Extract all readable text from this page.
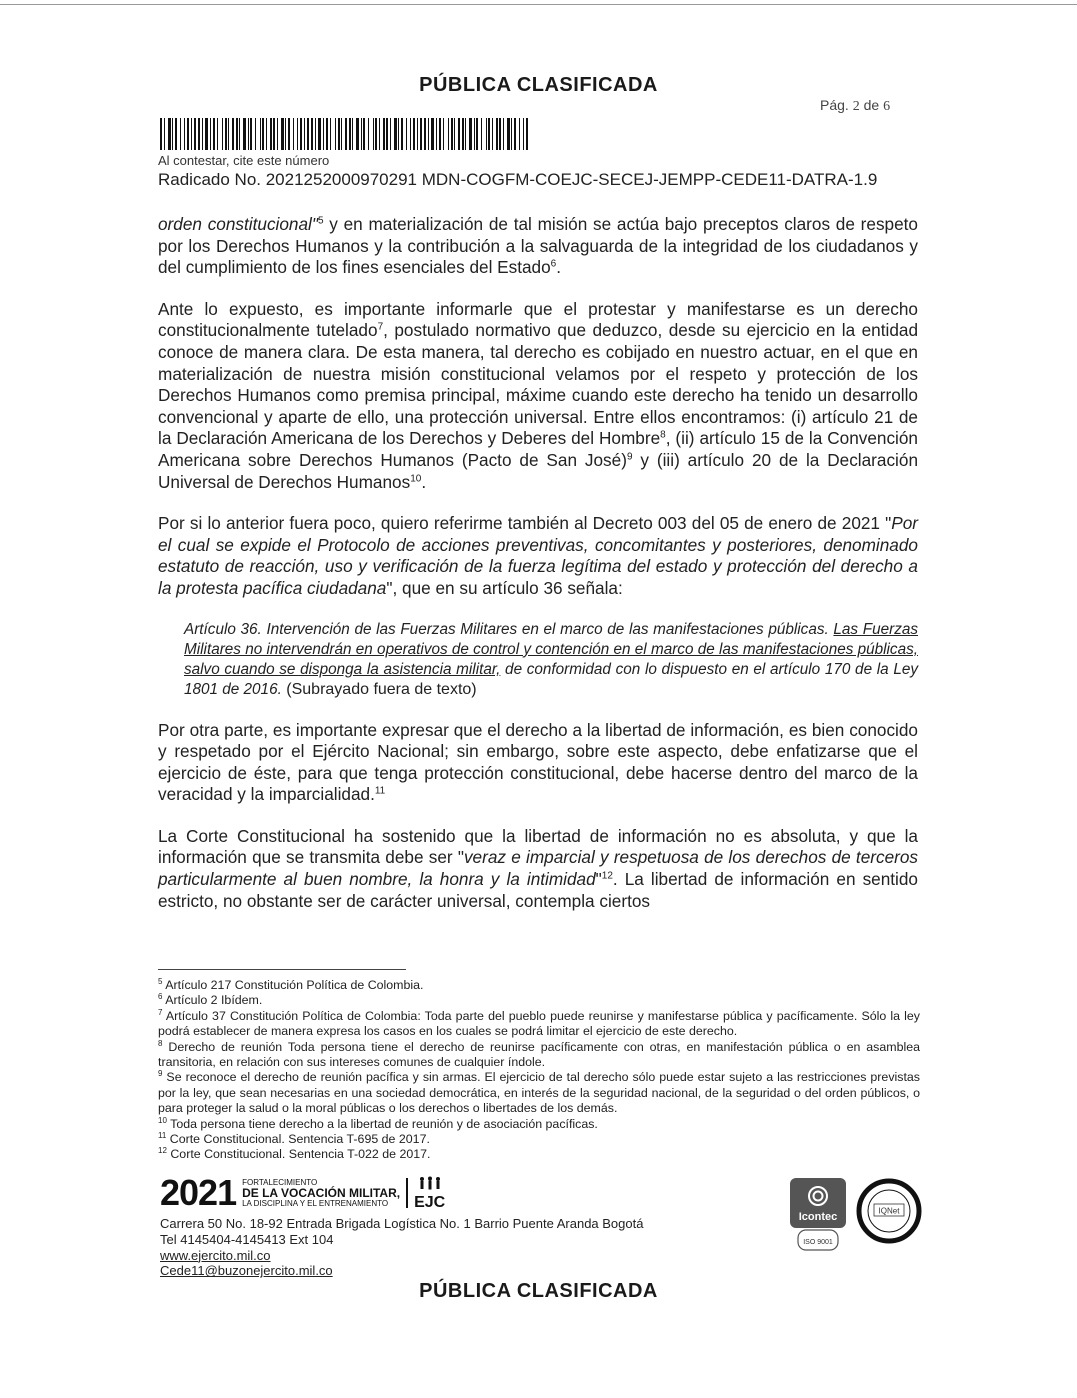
PÚBLICA CLASIFICADA
Pág. 2 de 6
Al contestar, cite este número
Radicado No. 2021252000970291 MDN-COGFM-COEJC-SECEJ-JEMPP-CEDE11-DATRA-1.9

orden constitucional"$^5$ y en materialización de tal misión se actúa bajo preceptos claros de respeto por los Derechos Humanos y la contribución a la salvaguarda de la integridad de los ciudadanos y del cumplimiento de los fines esenciales del Estado$^6$.

Ante lo expuesto, es importante informarle que el protestar y manifestarse es un derecho constitucionalmente tutelado$^7$, postulado normativo que deduzco, desde su ejercicio en la entidad conoce de manera clara. De esta manera, tal derecho es cobijado en nuestro actuar, en el que en materialización de nuestra misión constitucional velamos por el respeto y protección de los Derechos Humanos como premisa principal, máxime cuando este derecho ha tenido un desarrollo convencional y aparte de ello, una protección universal. Entre ellos encontramos: (i) artículo 21 de la Declaración Americana de los Derechos y Deberes del Hombre$^8$, (ii) artículo 15 de la Convención Americana sobre Derechos Humanos (Pacto de San José)$^9$ y (iii) artículo 20 de la Declaración Universal de Derechos Humanos$^{10}$.

Por si lo anterior fuera poco, quiero referirme también al Decreto 003 del 05 de enero de 2021 "Por el cual se expide el Protocolo de acciones preventivas, concomitantes y posteriores, denominado estatuto de reacción, uso y verificación de la fuerza legítima del estado y protección del derecho a la protesta pacífica ciudadana", que en su artículo 36 señala:

Artículo 36. Intervención de las Fuerzas Militares en el marco de las manifestaciones públicas. Las Fuerzas Militares no intervendrán en operativos de control y contención en el marco de las manifestaciones públicas, salvo cuando se disponga la asistencia militar, de conformidad con lo dispuesto en el artículo 170 de la Ley 1801 de 2016. (Subrayado fuera de texto)

Por otra parte, es importante expresar que el derecho a la libertad de información, es bien conocido y respetado por el Ejército Nacional; sin embargo, sobre este aspecto, debe enfatizarse que el ejercicio de éste, para que tenga protección constitucional, debe hacerse dentro del marco de la veracidad y la imparcialidad.$^{11}$

La Corte Constitucional ha sostenido que la libertad de información no es absoluta, y que la información que se transmita debe ser "veraz e imparcial y respetuosa de los derechos de terceros particularmente al buen nombre, la honra y la intimidad"$^{12}$. La libertad de información en sentido estricto, no obstante ser de carácter universal, contempla ciertos

$^5$ Artículo 217 Constitución Política de Colombia.
$^6$ Artículo 2 Ibídem.
$^7$ Artículo 37 Constitución Política de Colombia: Toda parte del pueblo puede reunirse y manifestarse pública y pacíficamente. Sólo la ley podrá establecer de manera expresa los casos en los cuales se podrá limitar el ejercicio de este derecho.
$^8$ Derecho de reunión Toda persona tiene el derecho de reunirse pacíficamente con otras, en manifestación pública o en asamblea transitoria, en relación con sus intereses comunes de cualquier índole.
$^9$ Se reconoce el derecho de reunión pacífica y sin armas. El ejercicio de tal derecho sólo puede estar sujeto a las restricciones previstas por la ley, que sean necesarias en una sociedad democrática, en interés de la seguridad nacional, de la seguridad o del orden públicos, o para proteger la salud o la moral públicas o los derechos o libertades de los demás.
$^{10}$ Toda persona tiene derecho a la libertad de reunión y de asociación pacíficas.
$^{11}$ Corte Constitucional. Sentencia T-695 de 2017.
$^{12}$ Corte Constitucional. Sentencia T-022 de 2017.
2021 FORTALECIMIENTO
DE LA VOCACIÓN MILITAR,
LA DISCIPLINA Y EL ENTRENAMIENTO	EJC
Carrera 50 No. 18-92 Entrada Brigada Logística No. 1 Barrio Puente Aranda Bogotá
Tel 4145404-4145413 Ext 104
www.ejercito.mil.co
Cede11@buzonejercito.mil.co
Icontec
ISO 9001
IQNet
PÚBLICA CLASIFICADA
